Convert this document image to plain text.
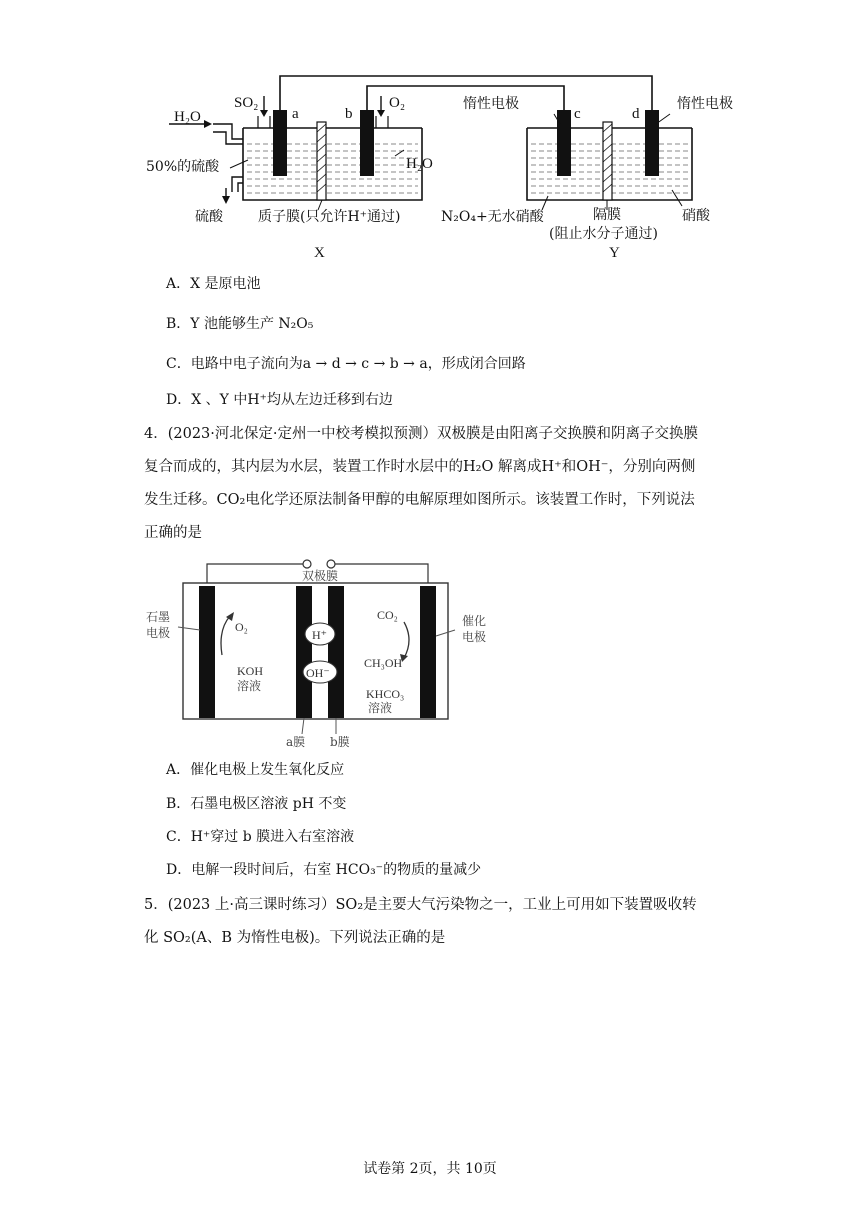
H₂O
SO₂
a	b
O₂	惰性电极
c	d
惰性电极
50%的硫酸	H₂O
硫酸	质子膜(只允许H⁺通过)	N₂O₄+无水硝酸	隔膜
(阻止水分子通过)
硝酸
X	Y
A．X 是原电池
B．Y 池能够生产 N₂O₅
C．电路中电子流向为a → d → c → b → a，形成闭合回路
D．X 、Y 中H⁺均从左边迁移到右边
4．(2023·河北保定·定州一中校考模拟预测）双极膜是由阳离子交换膜和阴离子交换膜
复合而成的，其内层为水层，装置工作时水层中的H₂O 解离成H⁺和OH⁻，分别向两侧
发生迁移。CO₂电化学还原法制备甲醇的电解原理如图所示。该装置工作时，下列说法
正确的是
双极膜
石墨
电极
催化
电极
O₂
KOH
溶液
H⁺
OH⁻
CO₂
CH₃OH
KHCO₃
溶液
a膜 b膜
A．催化电极上发生氧化反应
B．石墨电极区溶液 pH 不变
C．H⁺穿过 b 膜进入右室溶液
D．电解一段时间后，右室 HCO₃⁻的物质的量减少
5．(2023 上·高三课时练习）SO₂是主要大气污染物之一，工业上可用如下装置吸收转
化 SO₂(A、B 为惰性电极)。下列说法正确的是
试卷第 2页，共 10页
